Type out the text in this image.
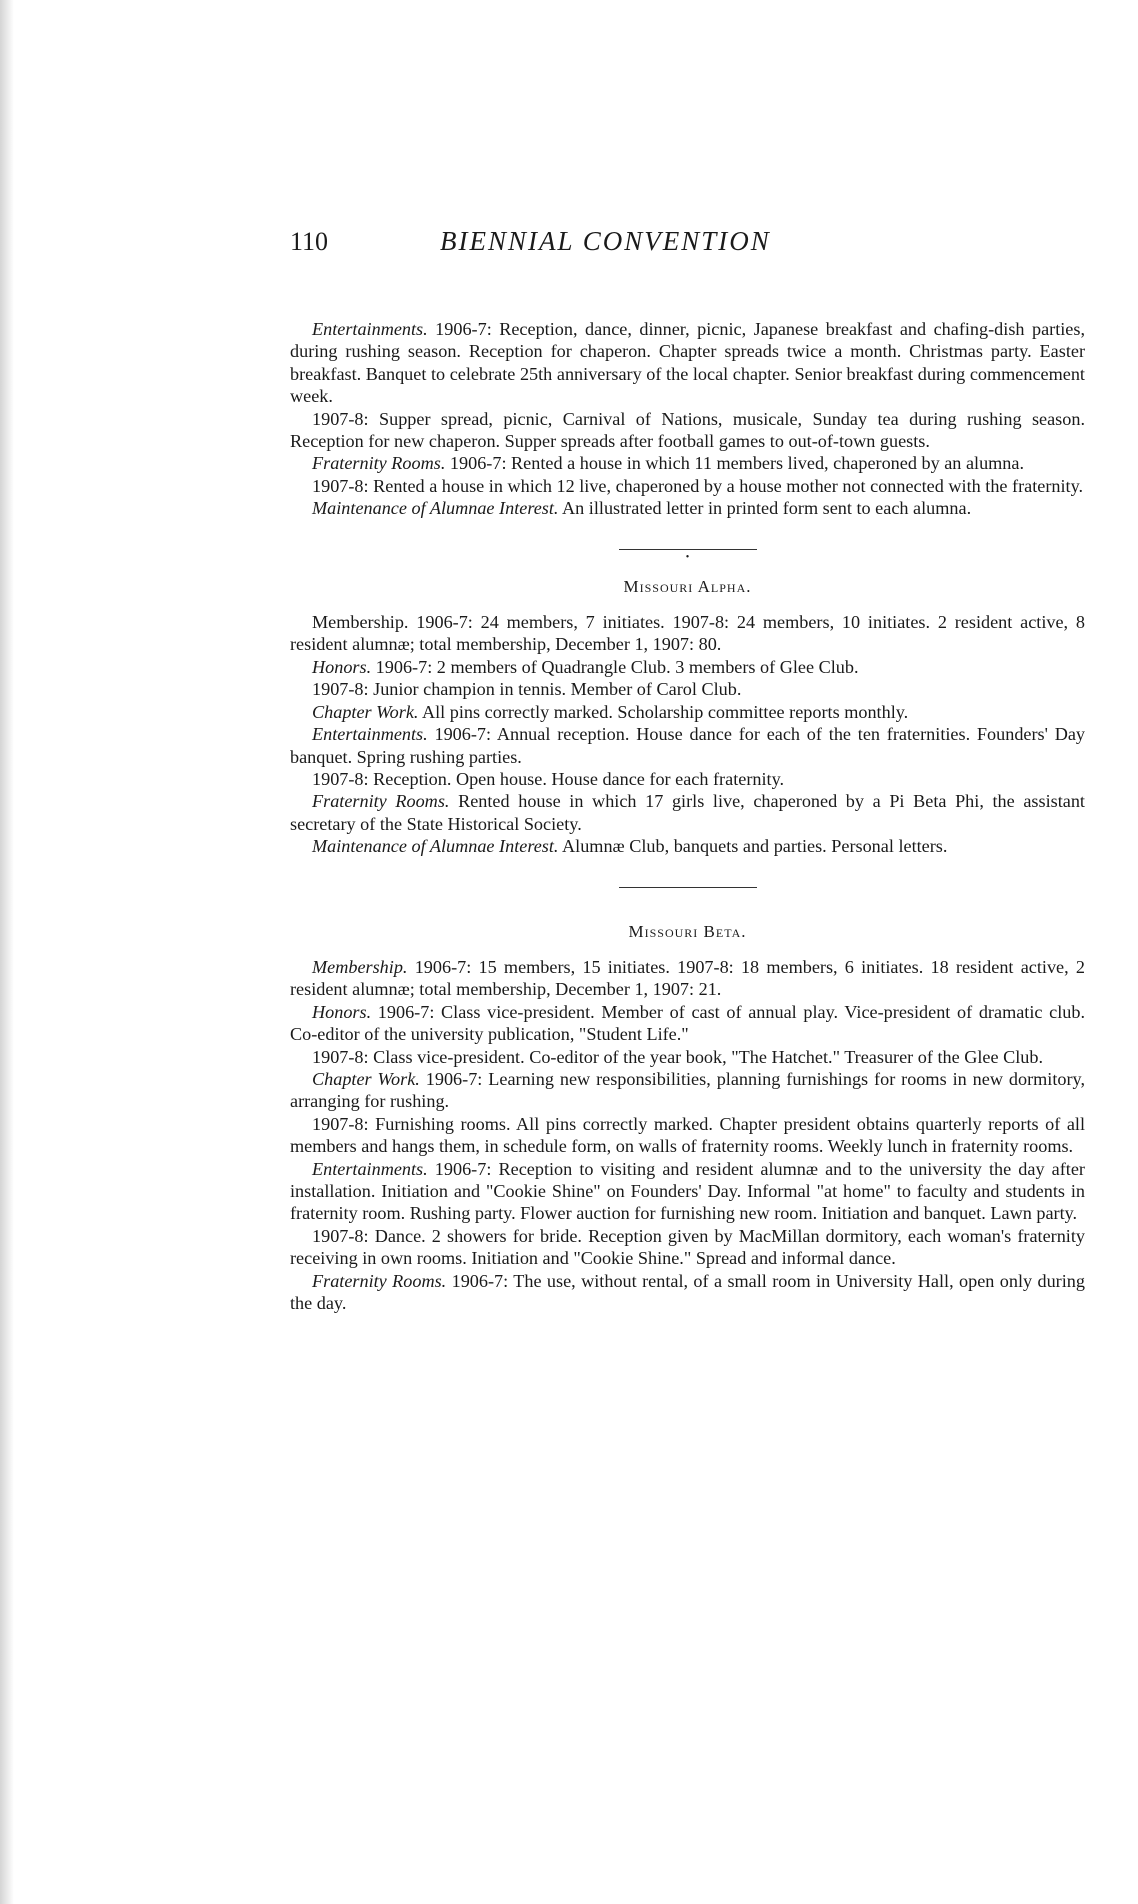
110	BIENNIAL CONVENTION

Entertainments. 1906-7: Reception, dance, dinner, picnic, Japanese breakfast and chafing-dish parties, during rushing season. Reception for chaperon. Chapter spreads twice a month. Christmas party. Easter breakfast. Banquet to celebrate 25th anniversary of the local chapter. Senior breakfast during commencement week.

1907-8: Supper spread, picnic, Carnival of Nations, musicale, Sunday tea during rushing season. Reception for new chaperon. Supper spreads after football games to out-of-town guests.

Fraternity Rooms. 1906-7: Rented a house in which 11 members lived, chaperoned by an alumna.

1907-8: Rented a house in which 12 live, chaperoned by a house mother not connected with the fraternity.

Maintenance of Alumnae Interest. An illustrated letter in printed form sent to each alumna.

•
Missouri Alpha.

Membership. 1906-7: 24 members, 7 initiates. 1907-8: 24 members, 10 initiates. 2 resident active, 8 resident alumnæ; total membership, December 1, 1907: 80.

Honors. 1906-7: 2 members of Quadrangle Club. 3 members of Glee Club.

1907-8: Junior champion in tennis. Member of Carol Club.

Chapter Work. All pins correctly marked. Scholarship committee reports monthly.

Entertainments. 1906-7: Annual reception. House dance for each of the ten fraternities. Founders' Day banquet. Spring rushing parties.

1907-8: Reception. Open house. House dance for each fraternity.

Fraternity Rooms. Rented house in which 17 girls live, chaperoned by a Pi Beta Phi, the assistant secretary of the State Historical Society.

Maintenance of Alumnae Interest. Alumnæ Club, banquets and parties. Personal letters.

Missouri Beta.

Membership. 1906-7: 15 members, 15 initiates. 1907-8: 18 members, 6 initiates. 18 resident active, 2 resident alumnæ; total membership, December 1, 1907: 21.

Honors. 1906-7: Class vice-president. Member of cast of annual play. Vice-president of dramatic club. Co-editor of the university publication, "Student Life."

1907-8: Class vice-president. Co-editor of the year book, "The Hatchet." Treasurer of the Glee Club.

Chapter Work. 1906-7: Learning new responsibilities, planning furnishings for rooms in new dormitory, arranging for rushing.

1907-8: Furnishing rooms. All pins correctly marked. Chapter president obtains quarterly reports of all members and hangs them, in schedule form, on walls of fraternity rooms. Weekly lunch in fraternity rooms.

Entertainments. 1906-7: Reception to visiting and resident alumnæ and to the university the day after installation. Initiation and "Cookie Shine" on Founders' Day. Informal "at home" to faculty and students in fraternity room. Rushing party. Flower auction for furnishing new room. Initiation and banquet. Lawn party.

1907-8: Dance. 2 showers for bride. Reception given by MacMillan dormitory, each woman's fraternity receiving in own rooms. Initiation and "Cookie Shine." Spread and informal dance.

Fraternity Rooms. 1906-7: The use, without rental, of a small room in University Hall, open only during the day.
